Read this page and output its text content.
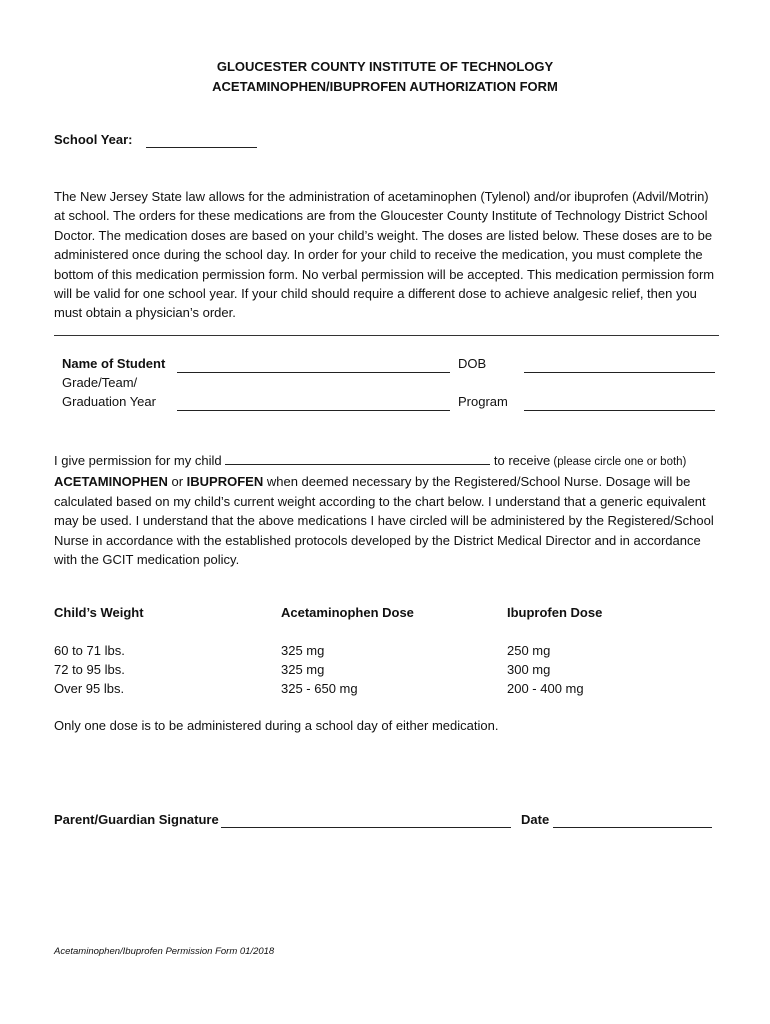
GLOUCESTER COUNTY INSTITUTE OF TECHNOLOGY
ACETAMINOPHEN/IBUPROFEN AUTHORIZATION FORM
School Year:
The New Jersey State law allows for the administration of acetaminophen (Tylenol) and/or ibuprofen (Advil/Motrin) at school. The orders for these medications are from the Gloucester County Institute of Technology District School Doctor. The medication doses are based on your child’s weight. The doses are listed below. These doses are to be administered once during the school day. In order for your child to receive the medication, you must complete the bottom of this medication permission form. No verbal permission will be accepted. This medication permission form will be valid for one school year. If your child should require a different dose to achieve analgesic relief, then you must obtain a physician’s order.
Name of Student	DOB
Grade/Team/
Graduation Year	Program
I give permission for my child	to receive (please circle one or both) ACETAMINOPHEN or IBUPROFEN when deemed necessary by the Registered/School Nurse. Dosage will be calculated based on my child’s current weight according to the chart below. I understand that a generic equivalent may be used. I understand that the above medications I have circled will be administered by the Registered/School Nurse in accordance with the established protocols developed by the District Medical Director and in accordance with the GCIT medication policy.
Child’s Weight	Acetaminophen Dose	Ibuprofen Dose
60 to 71 lbs.	325 mg	250 mg
72 to 95 lbs.	325 mg	300 mg
Over 95 lbs.	325 - 650 mg	200 - 400 mg
Only one dose is to be administered during a school day of either medication.
Parent/Guardian Signature	Date
Acetaminophen/Ibuprofen Permission Form 01/2018
